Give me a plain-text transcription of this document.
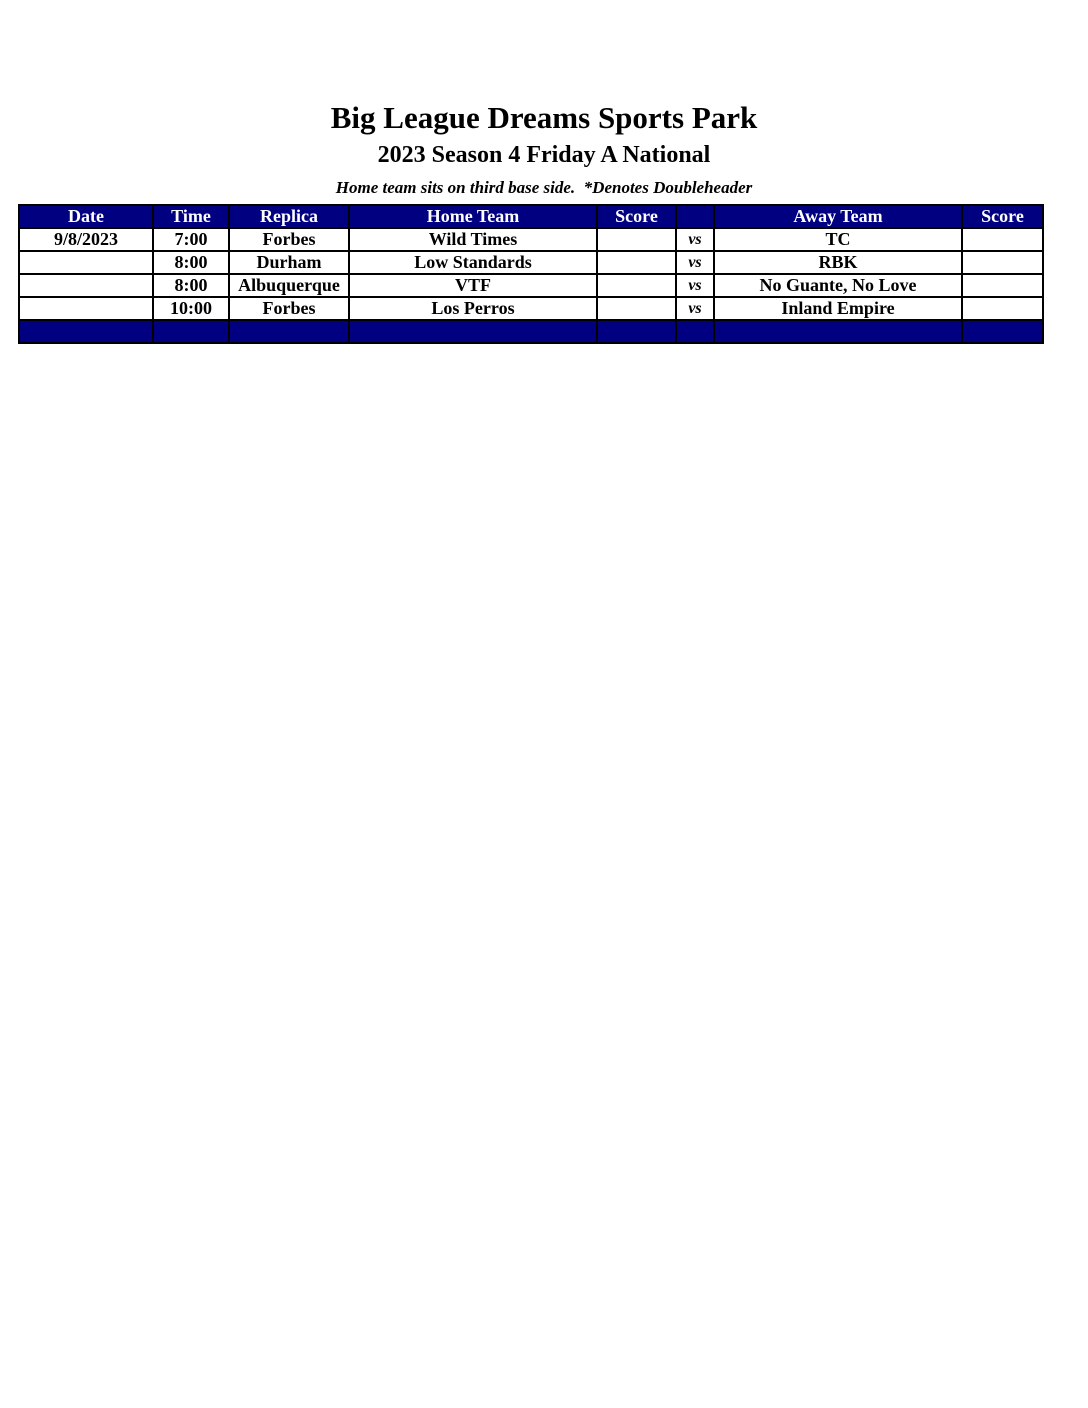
Big League Dreams Sports Park
2023 Season 4 Friday A National

Home team sits on third base side.  *Denotes Doubleheader

Date	Time	Replica	Home Team	Score		Away Team	Score
9/8/2023	7:00	Forbes	Wild Times		vs	TC	
	8:00	Durham	Low Standards		vs	RBK	
	8:00	Albuquerque	VTF		vs	No Guante, No Love	
	10:00	Forbes	Los Perros		vs	Inland Empire	
